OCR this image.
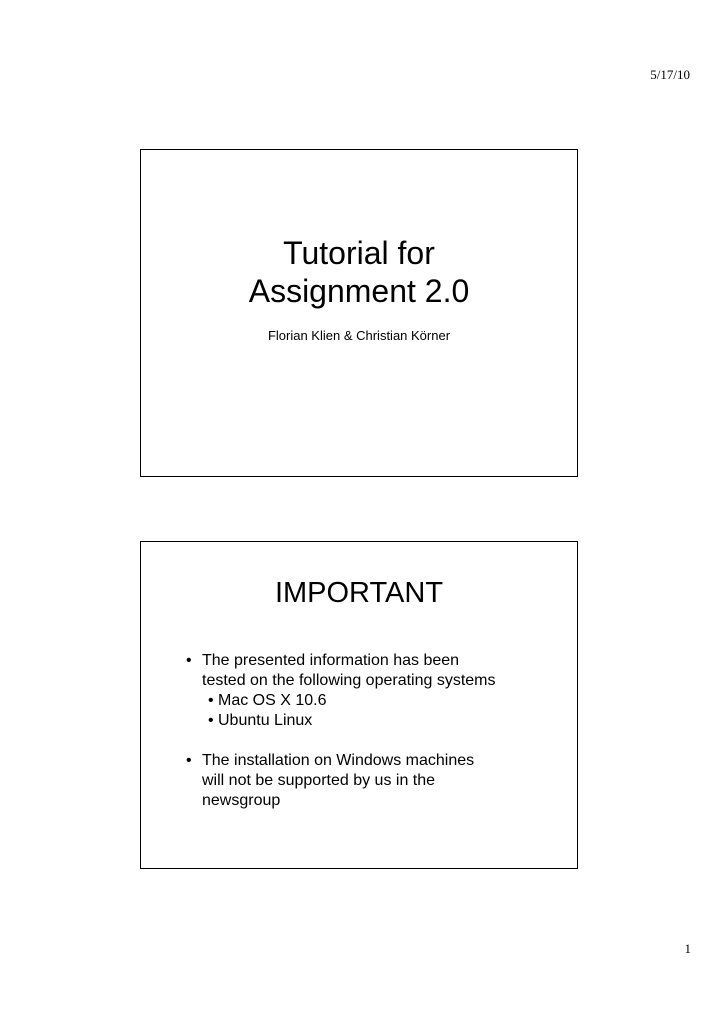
5/17/10
Tutorial for
Assignment 2.0
Florian Klien & Christian Körner
IMPORTANT
• The presented information has been
tested on the following operating systems
• Mac OS X 10.6
• Ubuntu Linux
• The installation on Windows machines
will not be supported by us in the
newsgroup
1
